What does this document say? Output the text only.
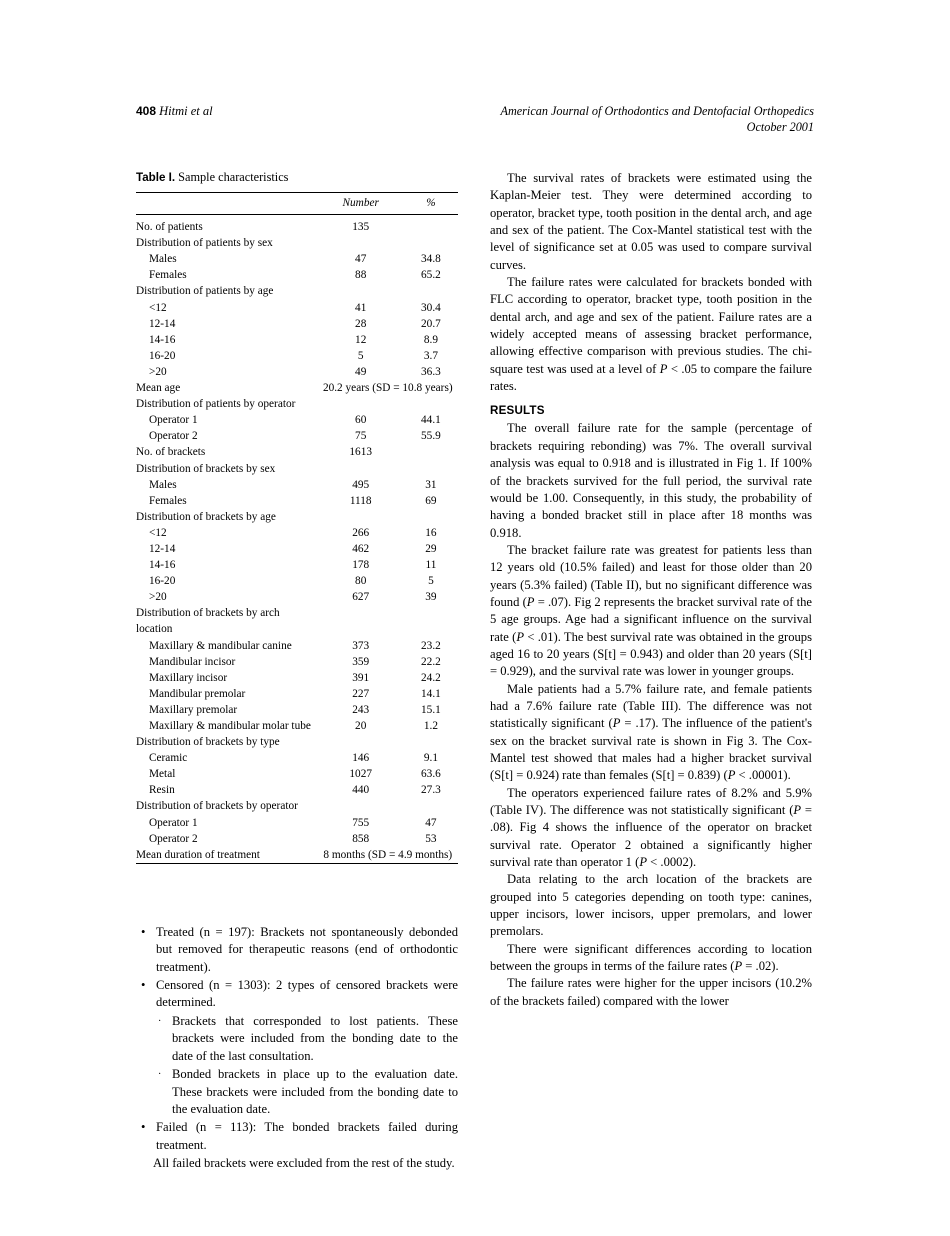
408 Hitmi et al	American Journal of Orthodontics and Dentofacial Orthopedics
October 2001
Table I. Sample characteristics
	Number	%

No. of patients	135	
Distribution of patients by sex		
Males	47	34.8
Females	88	65.2
Distribution of patients by age		
<12	41	30.4
12-14	28	20.7
14-16	12	8.9
16-20	5	3.7
>20	49	36.3
Mean age	20.2 years (SD = 10.8 years)	
Distribution of patients by operator		
Operator 1	60	44.1
Operator 2	75	55.9
No. of brackets	1613	
Distribution of brackets by sex		
Males	495	31
Females	1118	69
Distribution of brackets by age		
<12	266	16
12-14	462	29
14-16	178	11
16-20	80	5
>20	627	39
Distribution of brackets by arch location		
Maxillary & mandibular canine	373	23.2
Mandibular incisor	359	22.2
Maxillary incisor	391	24.2
Mandibular premolar	227	14.1
Maxillary premolar	243	15.1
Maxillary & mandibular molar tube	20	1.2
Distribution of brackets by type		
Ceramic	146	9.1
Metal	1027	63.6
Resin	440	27.3
Distribution of brackets by operator		
Operator 1	755	47
Operator 2	858	53
Mean duration of treatment	8 months (SD = 4.9 months)	
• Treated (n = 197): Brackets not spontaneously debonded but removed for therapeutic reasons (end of orthodontic treatment).
• Censored (n = 1303): 2 types of censored brackets were determined.
· Brackets that corresponded to lost patients. These brackets were included from the bonding date to the date of the last consultation.
· Bonded brackets in place up to the evaluation date. These brackets were included from the bonding date to the evaluation date.
• Failed (n = 113): The bonded brackets failed during treatment.
All failed brackets were excluded from the rest of the study.

The survival rates of brackets were estimated using the Kaplan-Meier test. They were determined according to operator, bracket type, tooth position in the dental arch, and age and sex of the patient. The Cox-Mantel statistical test with the level of significance set at 0.05 was used to compare survival curves.

The failure rates were calculated for brackets bonded with FLC according to operator, bracket type, tooth position in the dental arch, and age and sex of the patient. Failure rates are a widely accepted means of assessing bracket performance, allowing effective comparison with previous studies. The chi-square test was used at a level of P < .05 to compare the failure rates.

RESULTS

The overall failure rate for the sample (percentage of brackets requiring rebonding) was 7%. The overall survival analysis was equal to 0.918 and is illustrated in Fig 1. If 100% of the brackets survived for the full period, the survival rate would be 1.00. Consequently, in this study, the probability of having a bonded bracket still in place after 18 months was 0.918.

The bracket failure rate was greatest for patients less than 12 years old (10.5% failed) and least for those older than 20 years (5.3% failed) (Table II), but no significant difference was found (P = .07). Fig 2 represents the bracket survival rate of the 5 age groups. Age had a significant influence on the survival rate (P < .01). The best survival rate was obtained in the groups aged 16 to 20 years (S[t] = 0.943) and older than 20 years (S[t] = 0.929), and the survival rate was lower in younger groups.

Male patients had a 5.7% failure rate, and female patients had a 7.6% failure rate (Table III). The difference was not statistically significant (P = .17). The influence of the patient's sex on the bracket survival rate is shown in Fig 3. The Cox-Mantel test showed that males had a higher bracket survival (S[t] = 0.924) rate than females (S[t] = 0.839) (P < .00001).

The operators experienced failure rates of 8.2% and 5.9% (Table IV). The difference was not statistically significant (P = .08). Fig 4 shows the influence of the operator on bracket survival rate. Operator 2 obtained a significantly higher survival rate than operator 1 (P < .0002).

Data relating to the arch location of the brackets are grouped into 5 categories depending on tooth type: canines, upper incisors, lower incisors, upper premolars, and lower premolars.

There were significant differences according to location between the groups in terms of the failure rates (P = .02).

The failure rates were higher for the upper incisors (10.2% of the brackets failed) compared with the lower
